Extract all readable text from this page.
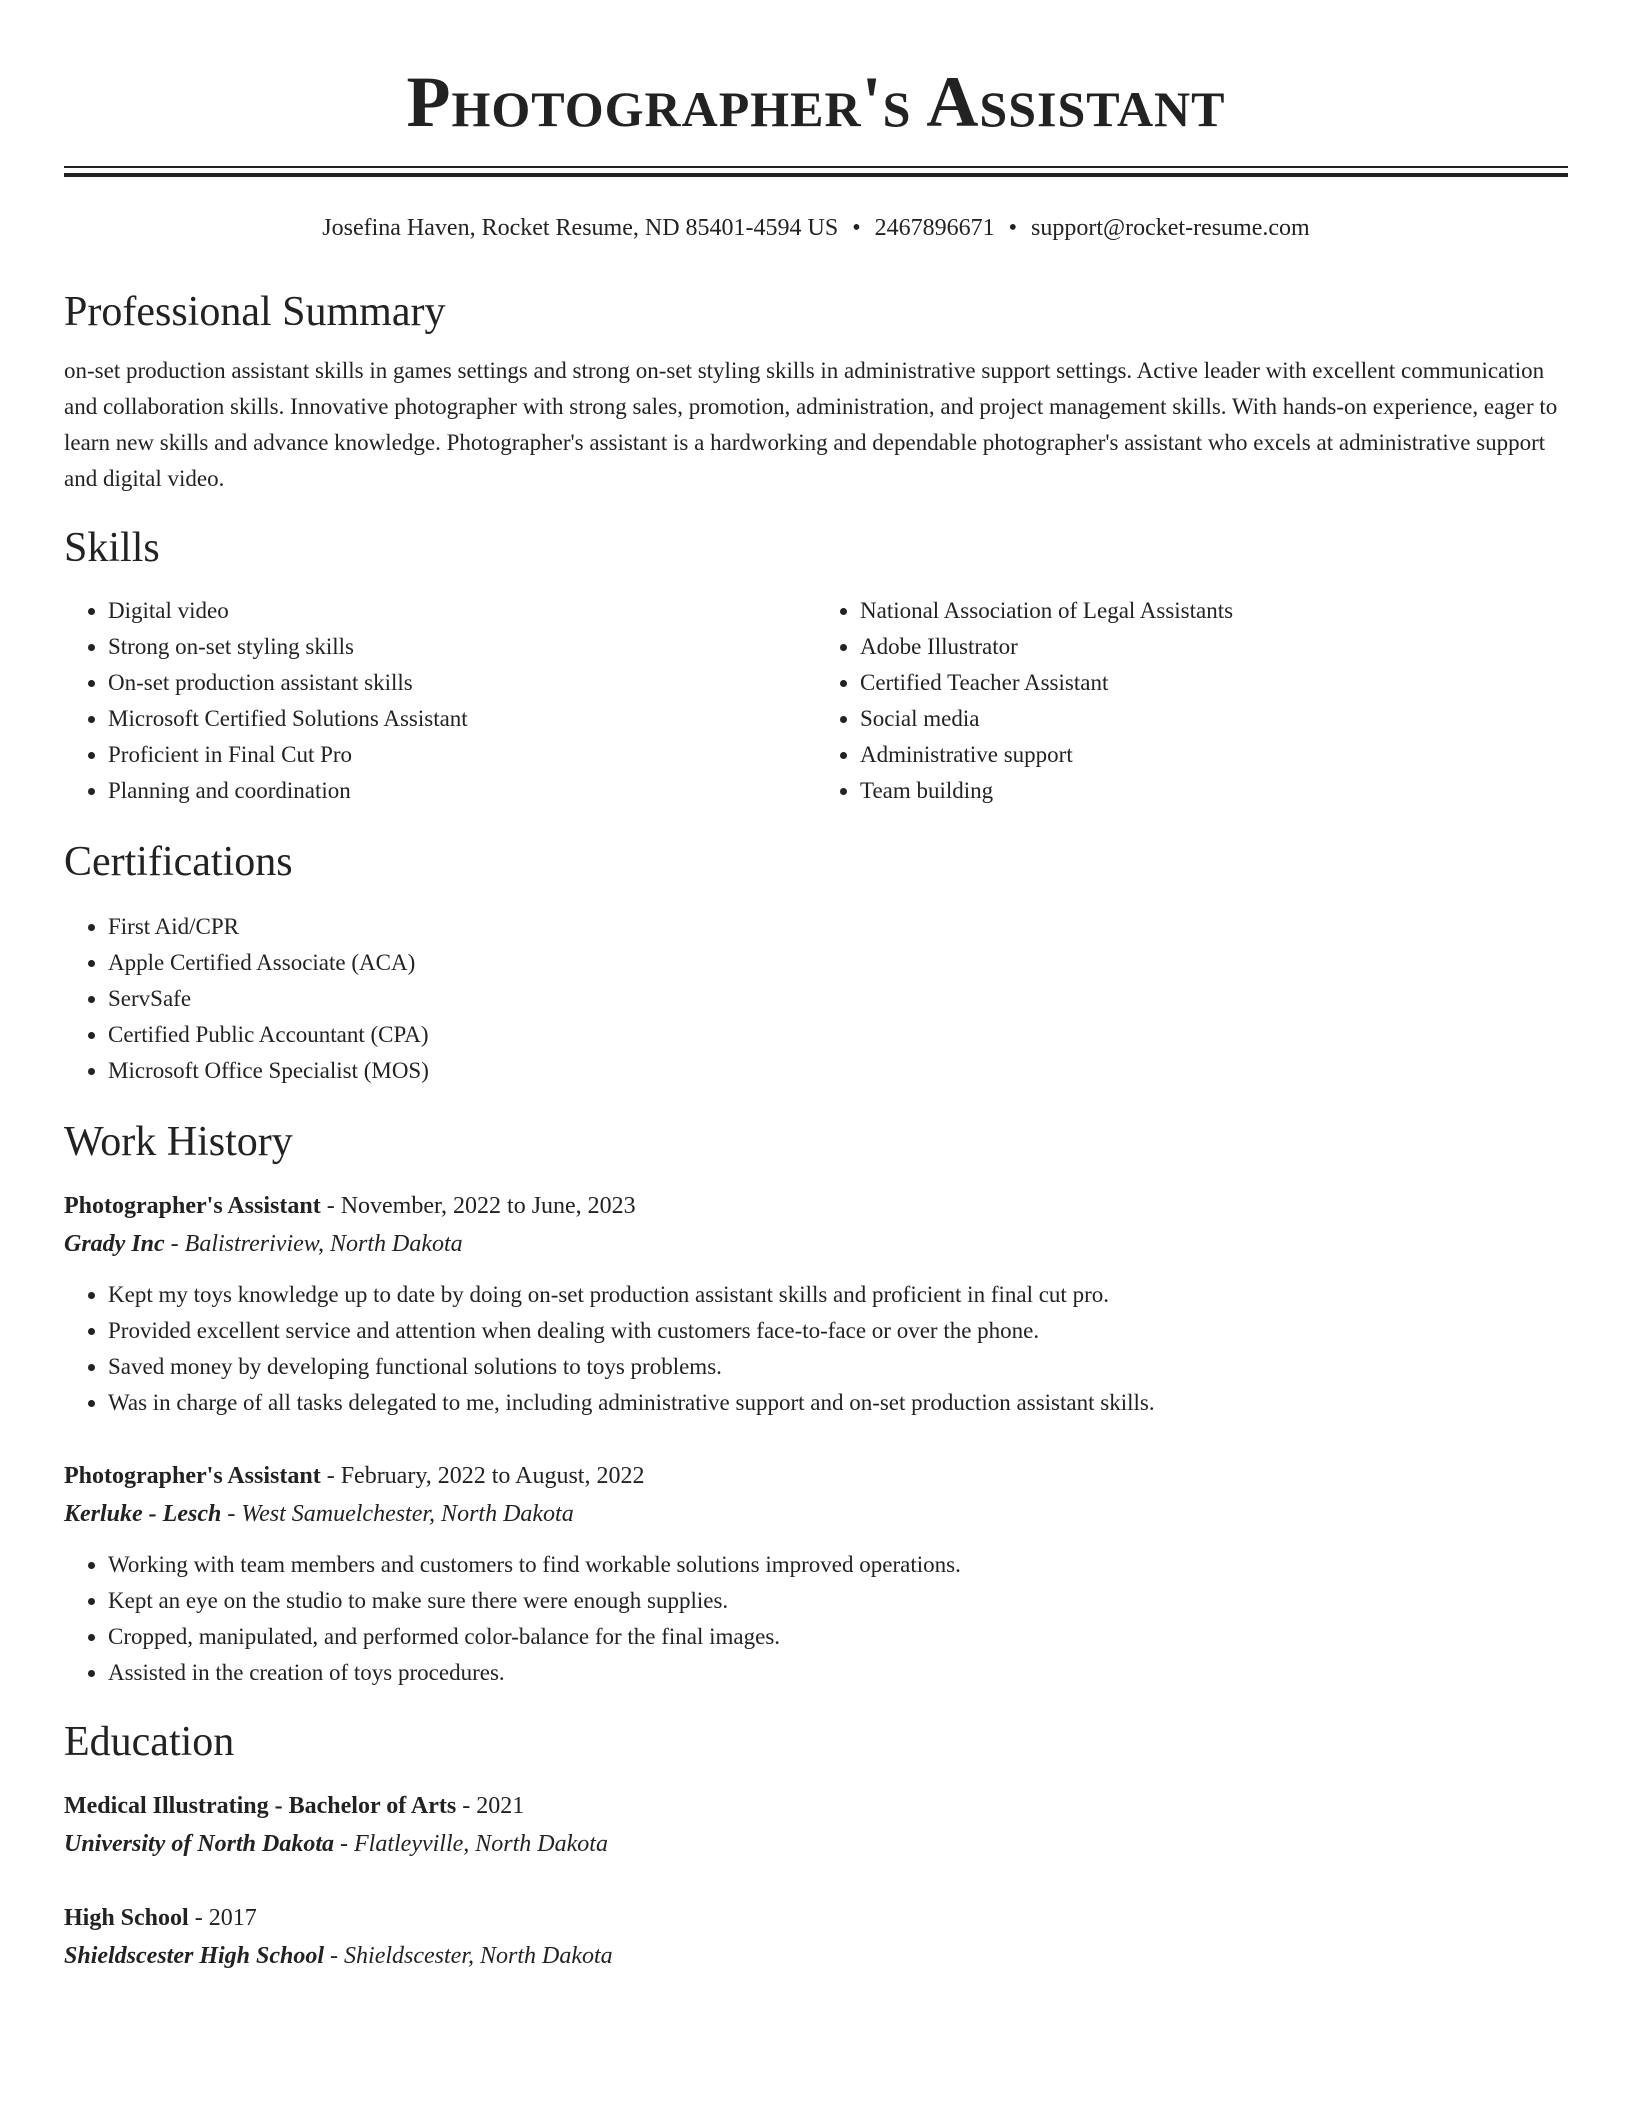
Photographer's Assistant
Josefina Haven, Rocket Resume, ND 85401-4594 US • 2467896671 • support@rocket-resume.com
Professional Summary

on-set production assistant skills in games settings and strong on-set styling skills in administrative support settings. Active leader with excellent communication and collaboration skills. Innovative photographer with strong sales, promotion, administration, and project management skills. With hands-on experience, eager to learn new skills and advance knowledge. Photographer's assistant is a hardworking and dependable photographer's assistant who excels at administrative support and digital video.

Skills
• Digital video
• Strong on-set styling skills
• On-set production assistant skills
• Microsoft Certified Solutions Assistant
• Proficient in Final Cut Pro
• Planning and coordination
• National Association of Legal Assistants
• Adobe Illustrator
• Certified Teacher Assistant
• Social media
• Administrative support
• Team building
Certifications
• First Aid/CPR
• Apple Certified Associate (ACA)
• ServSafe
• Certified Public Accountant (CPA)
• Microsoft Office Specialist (MOS)
Work History
Photographer's Assistant - November, 2022 to June, 2023
Grady Inc - Balistreriview, North Dakota
• Kept my toys knowledge up to date by doing on-set production assistant skills and proficient in final cut pro.
• Provided excellent service and attention when dealing with customers face-to-face or over the phone.
• Saved money by developing functional solutions to toys problems.
• Was in charge of all tasks delegated to me, including administrative support and on-set production assistant skills.
Photographer's Assistant - February, 2022 to August, 2022
Kerluke - Lesch - West Samuelchester, North Dakota
• Working with team members and customers to find workable solutions improved operations.
• Kept an eye on the studio to make sure there were enough supplies.
• Cropped, manipulated, and performed color-balance for the final images.
• Assisted in the creation of toys procedures.
Education
Medical Illustrating - Bachelor of Arts - 2021
University of North Dakota - Flatleyville, North Dakota
High School - 2017
Shieldscester High School - Shieldscester, North Dakota
